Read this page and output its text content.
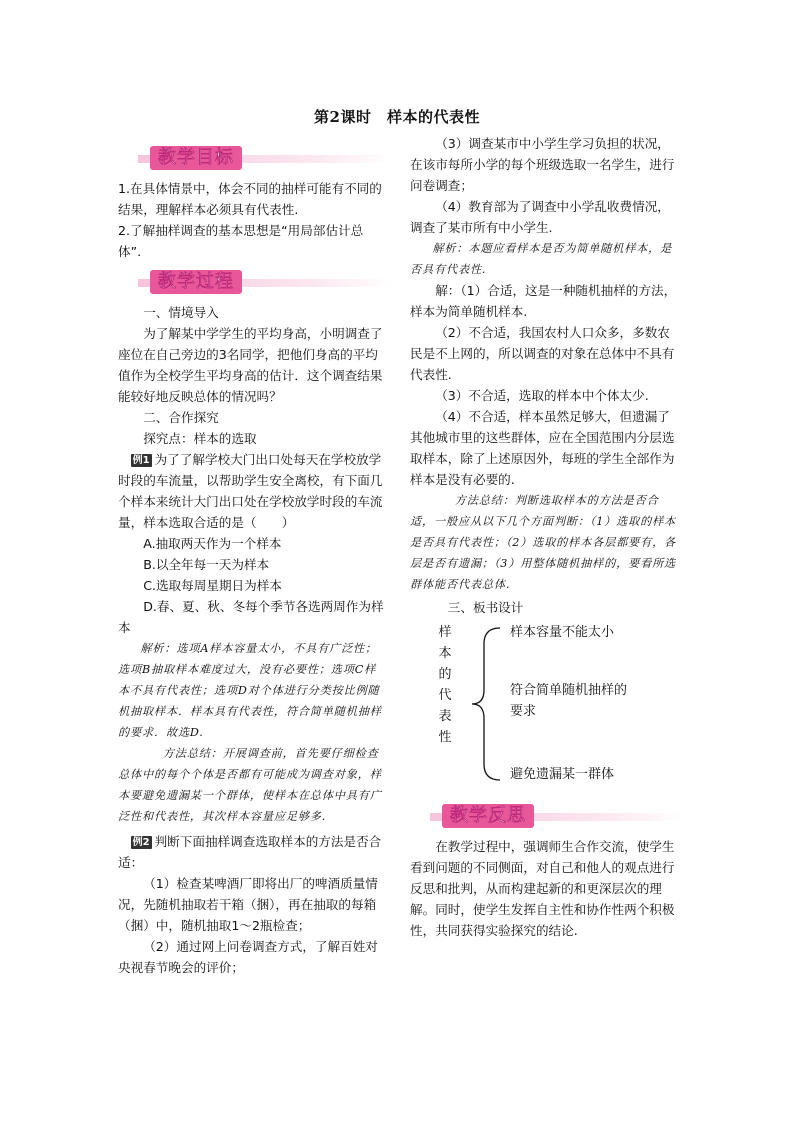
第2课时　样本的代表性
教学目标

1.在具体情景中，体会不同的抽样可能有不同的结果，理解样本必须具有代表性.

2.了解抽样调查的基本思想是“用局部估计总体”.

教学过程

一、情境导入

为了解某中学学生的平均身高，小明调查了座位在自己旁边的3名同学，把他们身高的平均值作为全校学生平均身高的估计．这个调查结果能较好地反映总体的情况吗？

二、合作探究

探究点：样本的选取

例1 为了了解学校大门出口处每天在学校放学时段的车流量，以帮助学生安全离校，有下面几个样本来统计大门出口处在学校放学时段的车流量，样本选取合适的是（　　）

A.抽取两天作为一个样本

B.以全年每一天为样本

C.选取每周星期日为样本

D.春、夏、秋、冬每个季节各选两周作为样本

解析：选项A样本容量太小，不具有广泛性；选项B抽取样本难度过大，没有必要性；选项C样本不具有代表性；选项D对个体进行分类按比例随机抽取样本．样本具有代表性，符合简单随机抽样的要求．故选D.

方法总结：开展调查前，首先要仔细检查总体中的每个个体是否都有可能成为调查对象，样本要避免遗漏某一个群体，使样本在总体中具有广泛性和代表性，其次样本容量应足够多.

例2 判断下面抽样调查选取样本的方法是否合适：

（1）检查某啤酒厂即将出厂的啤酒质量情况，先随机抽取若干箱（捆），再在抽取的每箱（捆）中，随机抽取1～2瓶检查；

（2）通过网上问卷调查方式，了解百姓对央视春节晚会的评价；

（3）调查某市中小学生学习负担的状况，在该市每所小学的每个班级选取一名学生，进行问卷调查；

（4）教育部为了调查中小学乱收费情况，调查了某市所有中小学生.

解析：本题应看样本是否为简单随机样本，是否具有代表性.

解：（1）合适，这是一种随机抽样的方法，样本为简单随机样本.

（2）不合适，我国农村人口众多，多数农民是不上网的，所以调查的对象在总体中不具有代表性.

（3）不合适，选取的样本中个体太少.

（4）不合适，样本虽然足够大，但遗漏了其他城市里的这些群体，应在全国范围内分层选取样本，除了上述原因外，每班的学生全部作为样本是没有必要的.

方法总结：判断选取样本的方法是否合适，一般应从以下几个方面判断：（1）选取的样本是否具有代表性；（2）选取的样本各层都要有，各层是否有遗漏；（3）用整体随机抽样的，要看所选群体能否代表总体.

三、板书设计

样
本
的
代
表
性
样本容量不能太小
符合简单随机抽样的
要求
避免遗漏某一群体
教学反思

在教学过程中，强调师生合作交流，使学生看到问题的不同侧面，对自己和他人的观点进行反思和批判，从而构建起新的和更深层次的理解。同时，使学生发挥自主性和协作性两个积极性，共同获得实验探究的结论.
